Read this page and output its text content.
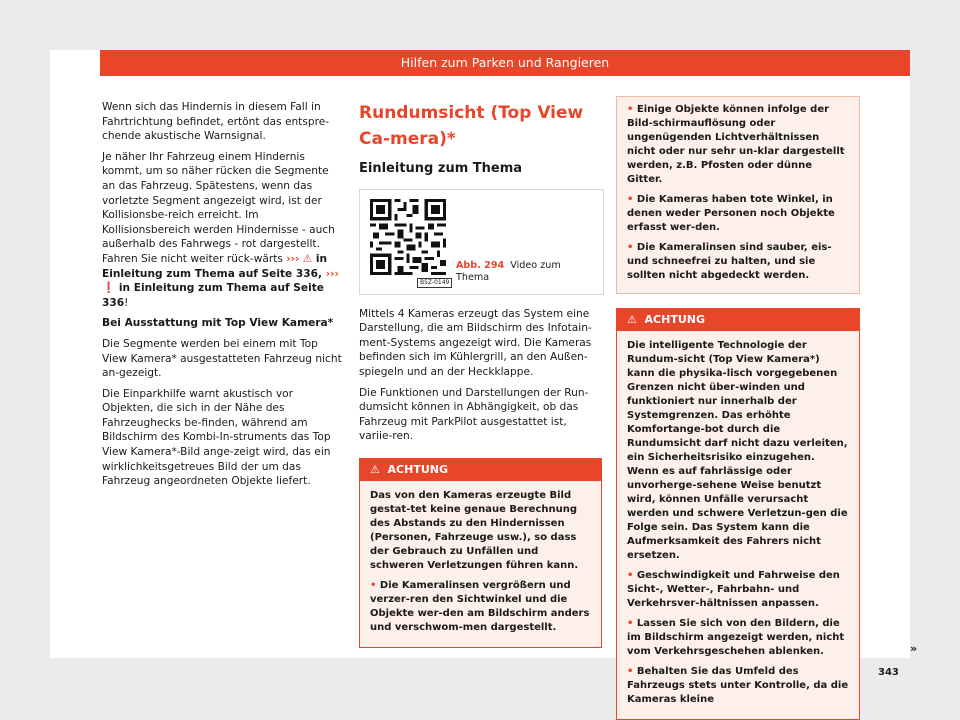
Hilfen zum Parken und Rangieren

Wenn sich das Hindernis in diesem Fall in Fahrtrichtung befindet, ertönt das entspre-chende akustische Warnsignal.

Je näher Ihr Fahrzeug einem Hindernis kommt, um so näher rücken die Segmente an das Fahrzeug. Spätestens, wenn das vorletzte Segment angezeigt wird, ist der Kollisionsbe-reich erreicht. Im Kollisionsbereich werden Hindernisse - auch außerhalb des Fahrwegs - rot dargestellt. Fahren Sie nicht weiter rück-wärts ››› ⚠ in Einleitung zum Thema auf Seite 336, ››› ❗ in Einleitung zum Thema auf Seite 336!

Bei Ausstattung mit Top View Kamera*

Die Segmente werden bei einem mit Top View Kamera* ausgestatteten Fahrzeug nicht an-gezeigt.

Die Einparkhilfe warnt akustisch vor Objekten, die sich in der Nähe des Fahrzeughecks be-finden, während am Bildschirm des Kombi-In-struments das Top View Kamera*-Bild ange-zeigt wird, das ein wirklichkeitsgetreues Bild der um das Fahrzeug angeordneten Objekte liefert.

Rundumsicht (Top View Ca-mera)*
Einleitung zum Thema
B5Z-0149
Abb. 294 Video zum Thema

Mittels 4 Kameras erzeugt das System eine Darstellung, die am Bildschirm des Infotain-ment-Systems angezeigt wird. Die Kameras befinden sich im Kühlergrill, an den Außen-spiegeln und an der Heckklappe.

Die Funktionen und Darstellungen der Run-dumsicht können in Abhängigkeit, ob das Fahrzeug mit ParkPilot ausgestattet ist, variie-ren.

⚠ ACHTUNG

Das von den Kameras erzeugte Bild gestat-tet keine genaue Berechnung des Abstands zu den Hindernissen (Personen, Fahrzeuge usw.), so dass der Gebrauch zu Unfällen und schweren Verletzungen führen kann.

• Die Kameralinsen vergrößern und verzer-ren den Sichtwinkel und die Objekte wer-den am Bildschirm anders und verschwom-men dargestellt.

• Einige Objekte können infolge der Bild-schirmauflösung oder ungenügenden Lichtverhältnissen nicht oder nur sehr un-klar dargestellt werden, z.B. Pfosten oder dünne Gitter.

• Die Kameras haben tote Winkel, in denen weder Personen noch Objekte erfasst wer-den.

• Die Kameralinsen sind sauber, eis- und schneefrei zu halten, und sie sollten nicht abgedeckt werden.

⚠ ACHTUNG

Die intelligente Technologie der Rundum-sicht (Top View Kamera*) kann die physika-lisch vorgegebenen Grenzen nicht über-winden und funktioniert nur innerhalb der Systemgrenzen. Das erhöhte Komfortange-bot durch die Rundumsicht darf nicht dazu verleiten, ein Sicherheitsrisiko einzugehen. Wenn es auf fahrlässige oder unvorherge-sehene Weise benutzt wird, können Unfälle verursacht werden und schwere Verletzun-gen die Folge sein. Das System kann die Aufmerksamkeit des Fahrers nicht ersetzen.

• Geschwindigkeit und Fahrweise den Sicht-, Wetter-, Fahrbahn- und Verkehrsver-hältnissen anpassen.

• Lassen Sie sich von den Bildern, die im Bildschirm angezeigt werden, nicht vom Verkehrsgeschehen ablenken.

• Behalten Sie das Umfeld des Fahrzeugs stets unter Kontrolle, da die Kameras kleine

»
343
